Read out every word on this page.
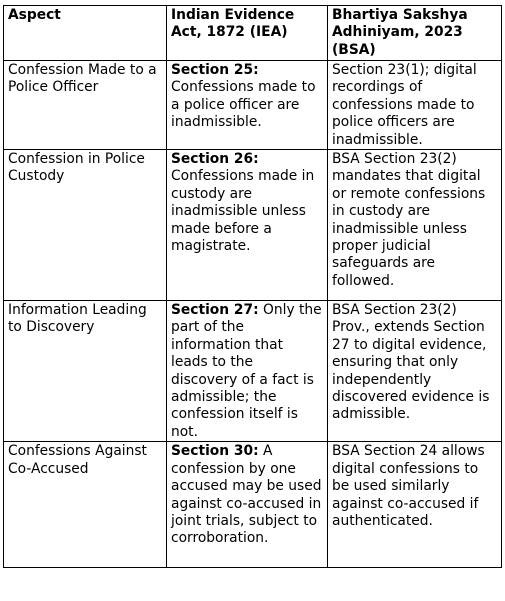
Aspect	Indian Evidence Act, 1872 (IEA)	Bhartiya Sakshya Adhiniyam, 2023 (BSA)
Confession Made to a Police Officer	Section 25: Confessions made to a police officer are inadmissible.	Section 23(1); digital recordings of confessions made to police officers are inadmissible.
Confession in Police Custody	Section 26: Confessions made in custody are inadmissible unless made before a magistrate.	BSA Section 23(2) mandates that digital or remote confessions in custody are inadmissible unless proper judicial safeguards are followed.
Information Leading to Discovery	Section 27: Only the part of the information that leads to the discovery of a fact is admissible; the confession itself is not.	BSA Section 23(2) Prov., extends Section 27 to digital evidence, ensuring that only independently discovered evidence is admissible.
Confessions Against Co-Accused	Section 30: A confession by one accused may be used against co-accused in joint trials, subject to corroboration.	BSA Section 24 allows digital confessions to be used similarly against co-accused if authenticated.
